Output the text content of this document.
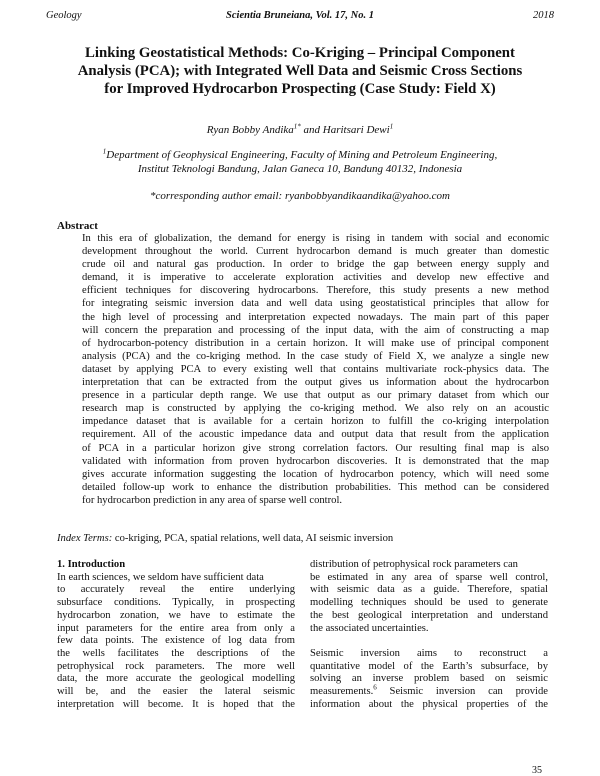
Geology	Scientia Bruneiana, Vol. 17, No. 1	2018
Linking Geostatistical Methods: Co-Kriging – Principal Component
Analysis (PCA); with Integrated Well Data and Seismic Cross Sections
for Improved Hydrocarbon Prospecting (Case Study: Field X)
Ryan Bobby Andika$^{1*}$ and Haritsari Dewi$^1$
$^1$Department of Geophysical Engineering, Faculty of Mining and Petroleum Engineering,
Institut Teknologi Bandung, Jalan Ganeca 10, Bandung 40132, Indonesia
*corresponding author email: ryanbobbyandikaandika@yahoo.com
Abstract
In this era of globalization, the demand for energy is rising in tandem with social and economic
development throughout the world. Current hydrocarbon demand is much greater than domestic
crude oil and natural gas production. In order to bridge the gap between energy supply and
demand, it is imperative to accelerate exploration activities and develop new effective and
efficient techniques for discovering hydrocarbons. Therefore, this study presents a new method
for integrating seismic inversion data and well data using geostatistical principles that allow for
the high level of processing and interpretation expected nowadays. The main part of this paper
will concern the preparation and processing of the input data, with the aim of constructing a map
of hydrocarbon-potency distribution in a certain horizon. It will make use of principal component
analysis (PCA) and the co-kriging method. In the case study of Field X, we analyze a single new
dataset by applying PCA to every existing well that contains multivariate rock-physics data. The
interpretation that can be extracted from the output gives us information about the hydrocarbon
presence in a particular depth range. We use that output as our primary dataset from which our
research map is constructed by applying the co-kriging method. We also rely on an acoustic
impedance dataset that is available for a certain horizon to fulfill the co-kriging interpolation
requirement. All of the acoustic impedance data and output data that result from the application
of PCA in a particular horizon give strong correlation factors. Our resulting final map is also
validated with information from proven hydrocarbon discoveries. It is demonstrated that the map
gives accurate information suggesting the location of hydrocarbon potency, which will need some
detailed follow-up work to enhance the distribution probabilities. This method can be considered
for hydrocarbon prediction in any area of sparse well control.
Index Terms: co-kriging, PCA, spatial relations, well data, AI seismic inversion
1. Introduction
In earth sciences, we seldom have sufficient data
to accurately reveal the entire underlying
subsurface conditions. Typically, in prospecting
hydrocarbon zonation, we have to estimate the
input parameters for the entire area from only a
few data points. The existence of log data from
the wells facilitates the descriptions of the
petrophysical rock parameters. The more well
data, the more accurate the geological modelling
will be, and the easier the lateral seismic
interpretation will become. It is hoped that the
distribution of petrophysical rock parameters can
be estimated in any area of sparse well control,
with seismic data as a guide. Therefore, spatial
modelling techniques should be used to generate
the best geological interpretation and understand
the associated uncertainties.
Seismic inversion aims to reconstruct a
quantitative model of the Earth’s subsurface, by
solving an inverse problem based on seismic
measurements.$^6$ Seismic inversion can provide
information about the physical properties of the
35
